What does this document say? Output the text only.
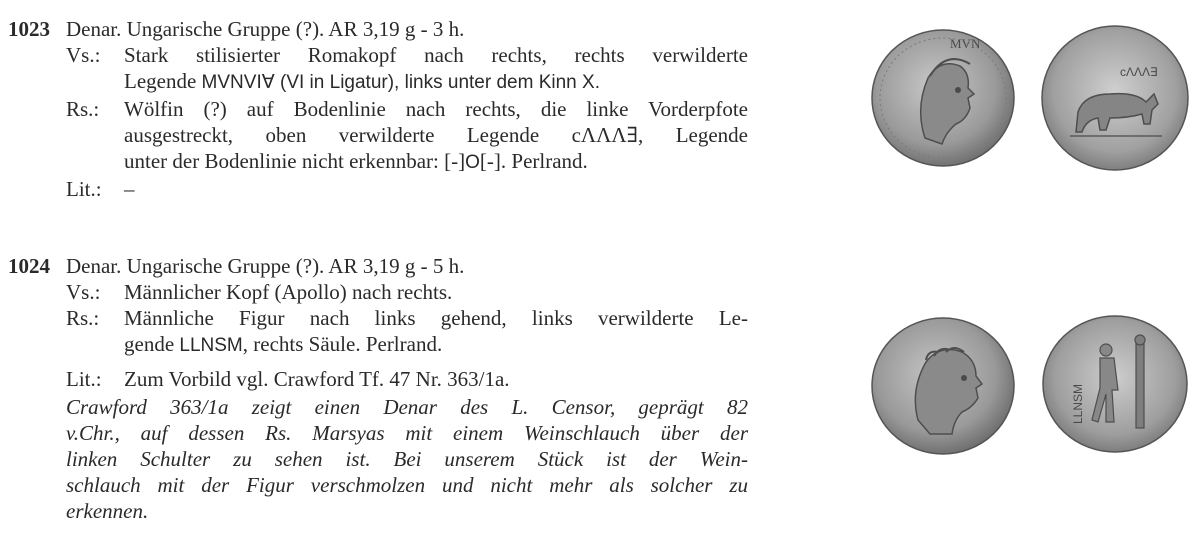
1023 Denar. Ungarische Gruppe (?). AR 3,19 g - 3 h.
Vs.:	Stark stilisierter Romakopf nach rechts, rechts verwilderte
Legende MVNVI∀ (VI in Ligatur), links unter dem Kinn X.
Rs.:	Wölfin (?) auf Bodenlinie nach rechts, die linke Vorderpfote
ausgestreckt, oben verwilderte Legende cΛΛΛ∃, Legende
unter der Bodenlinie nicht erkennbar: [-]O[-]. Perlrand.
Lit.:	–
1024 Denar. Ungarische Gruppe (?). AR 3,19 g - 5 h.
Vs.:	Männlicher Kopf (Apollo) nach rechts.
Rs.:	Männliche Figur nach links gehend, links verwilderte Le-
gende LLNSM, rechts Säule. Perlrand.
Lit.:	Zum Vorbild vgl. Crawford Tf. 47 Nr. 363/1a.
Crawford 363/1a zeigt einen Denar des L. Censor, geprägt 82
v.Chr., auf dessen Rs. Marsyas mit einem Weinschlauch über der
linken Schulter zu sehen ist. Bei unserem Stück ist der Wein-
schlauch mit der Figur verschmolzen und nicht mehr als solcher zu
erkennen.
MVN
cΛΛΛ∃
LLNSM
